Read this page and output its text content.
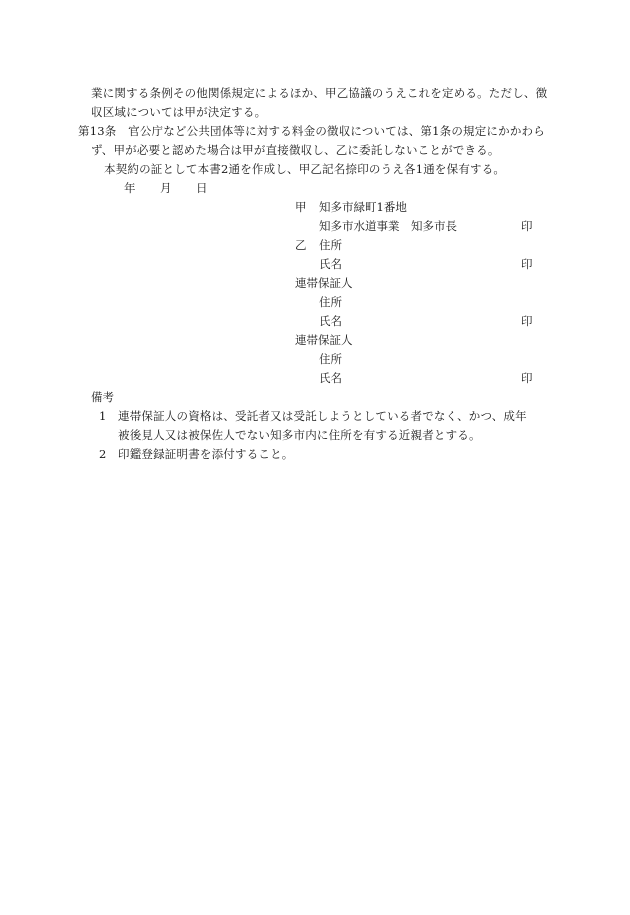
業に関する条例その他関係規定によるほか、甲乙協議のうえこれを定める。ただし、徴
収区域については甲が決定する。
第13条　官公庁など公共団体等に対する料金の徴収については、第1条の規定にかかわら
ず、甲が必要と認めた場合は甲が直接徴収し、乙に委託しないことができる。
本契約の証として本書2通を作成し、甲乙記名捺印のうえ各1通を保有する。
年 月 日
甲 知多市緑町1番地
知多市水道事業　知多市長	印
乙 住所
氏名	印
連帯保証人
住所
氏名	印
連帯保証人
住所
氏名	印
備考
1 連帯保証人の資格は、受託者又は受託しようとしている者でなく、かつ、成年
被後見人又は被保佐人でない知多市内に住所を有する近親者とする。
2 印鑑登録証明書を添付すること。
